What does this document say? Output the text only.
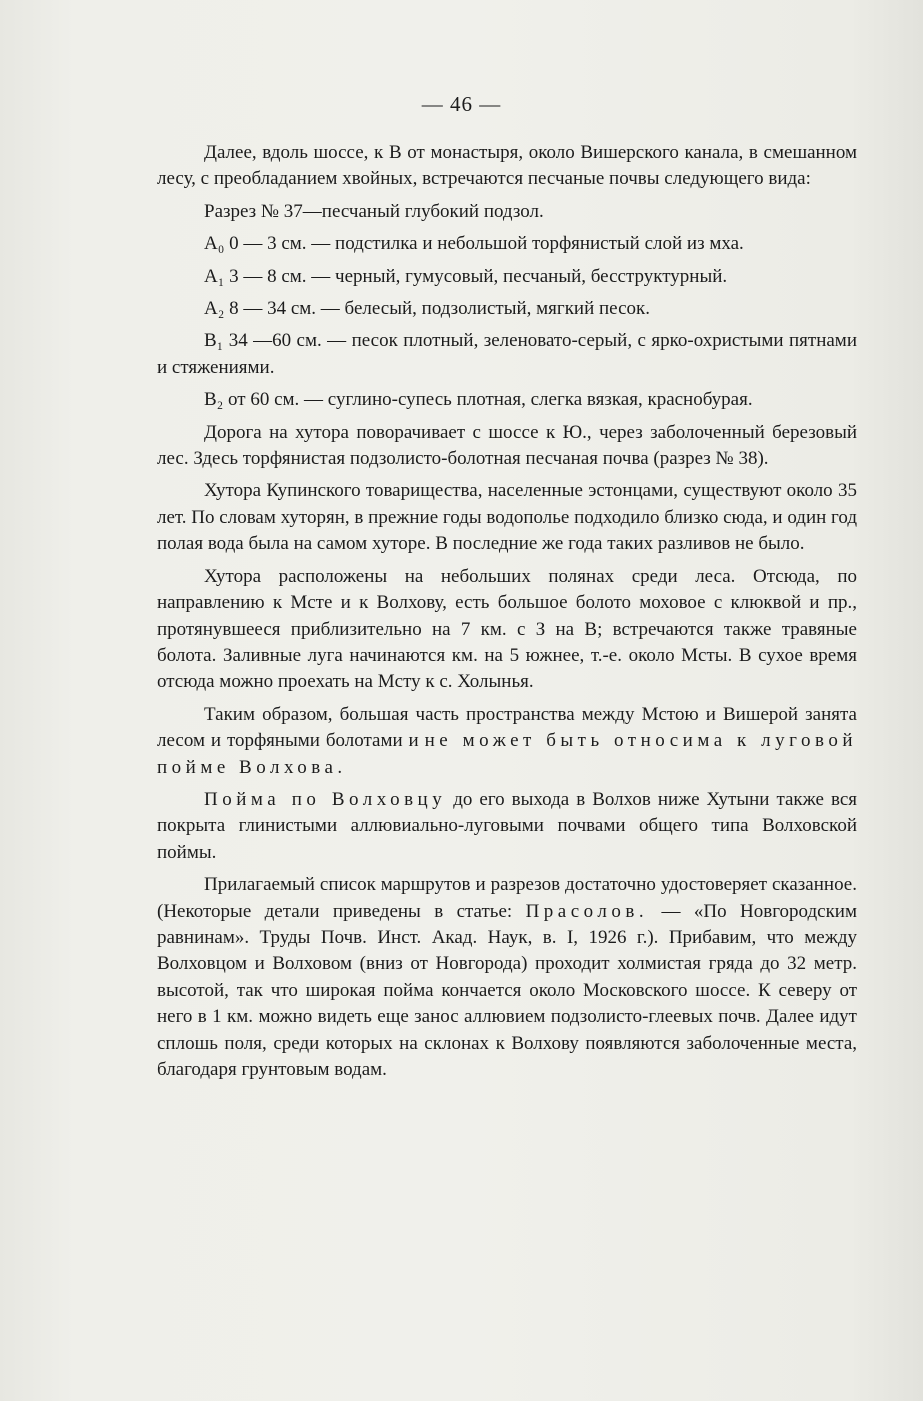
— 46 —

Далее, вдоль шоссе, к В от монастыря, около Вишерского канала, в смешанном лесу, с преобладанием хвойных, встречаются песчаные почвы следующего вида:

Разрез № 37—песчаный глубокий подзол.

А₀ 0 — 3 см. — подстилка и небольшой торфянистый слой из мха.

А₁ 3 — 8 см. — черный, гумусовый, песчаный, бесструктурный.

А₂ 8 — 34 см. — белесый, подзолистый, мягкий песок.

В₁ 34 —60 см. — песок плотный, зеленовато-серый, с ярко-охристыми пятнами и стяжениями.

В₂ от 60 см. — суглино-супесь плотная, слегка вязкая, краснобурая.

Дорога на хутора поворачивает с шоссе к Ю., через заболоченный березовый лес. Здесь торфянистая подзолисто-болотная песчаная почва (разрез № 38).

Хутора Купинского товарищества, населенные эстонцами, существуют около 35 лет. По словам хуторян, в прежние годы водополье подходило близко сюда, и один год полая вода была на самом хуторе. В последние же года таких разливов не было.

Хутора расположены на небольших полянах среди леса. Отсюда, по направлению к Мсте и к Волхову, есть большое болото моховое с клюквой и пр., протянувшееся приблизительно на 7 км. с З на В; встречаются также травяные болота. Заливные луга начинаются км. на 5 южнее, т.-е. около Мсты. В сухое время отсюда можно проехать на Мсту к с. Холынья.

Таким образом, большая часть пространства между Мстою и Вишерой занята лесом и торфяными болотами и не может быть относима к луговой пойме Волхова.

Пойма по Волховцу до его выхода в Волхов ниже Хутыни также вся покрыта глинистыми аллювиально-луговыми почвами общего типа Волховской поймы.

Прилагаемый список маршрутов и разрезов достаточно удостоверяет сказанное. (Некоторые детали приведены в статье: Прасолов. — «По Новгородским равнинам». Труды Почв. Инст. Акад. Наук, в. I, 1926 г.). Прибавим, что между Волховцом и Волховом (вниз от Новгорода) проходит холмистая гряда до 32 метр. высотой, так что широкая пойма кончается около Московского шоссе. К северу от него в 1 км. можно видеть еще занос аллювием подзолисто-глеевых почв. Далее идут сплошь поля, среди которых на склонах к Волхову появляются заболоченные места, благодаря грунтовым водам.
